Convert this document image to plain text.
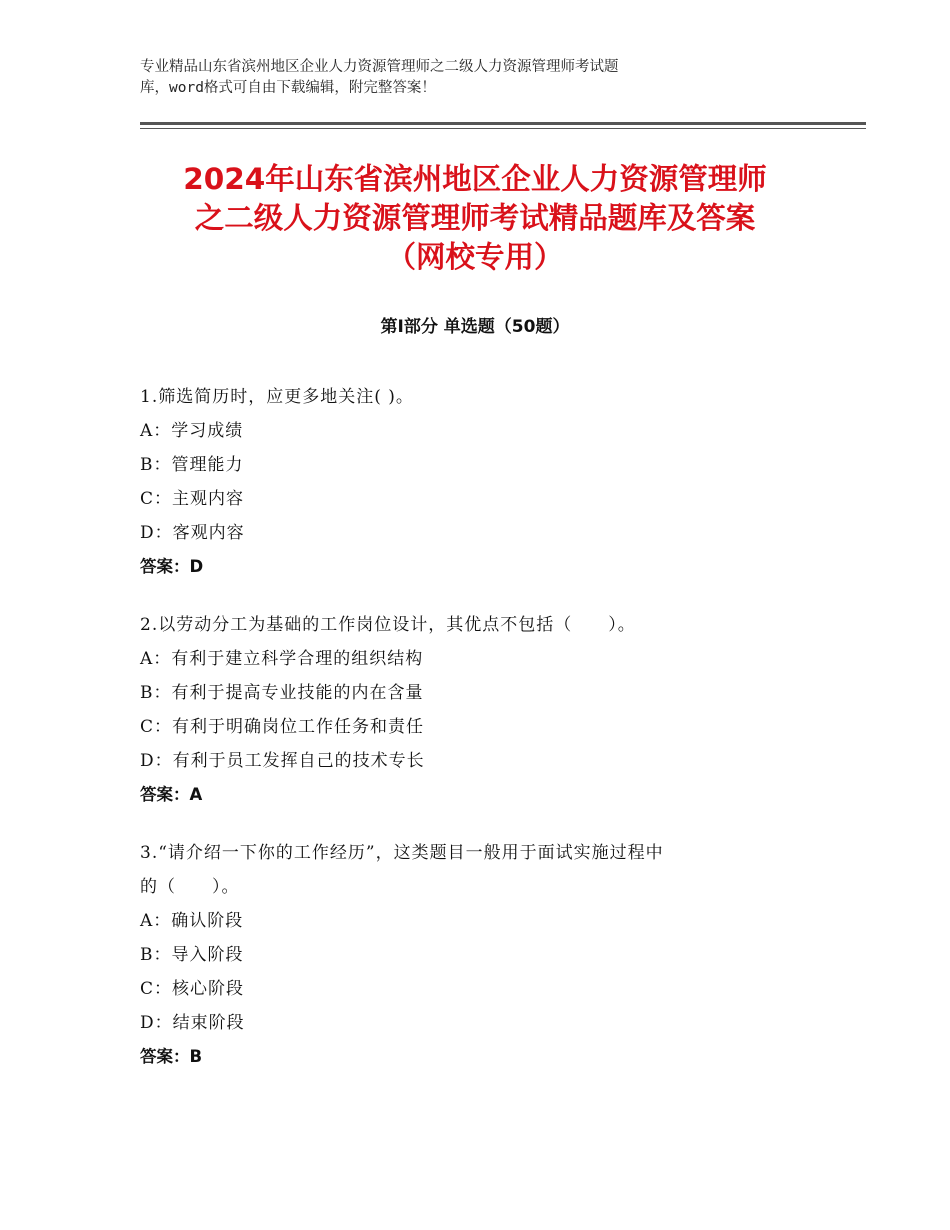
专业精品山东省滨州地区企业人力资源管理师之二级人力资源管理师考试题
库，word格式可自由下载编辑，附完整答案！
2024年山东省滨州地区企业人力资源管理师
之二级人力资源管理师考试精品题库及答案
（网校专用）
第Ⅰ部分 单选题（50题）
1.筛选简历时，应更多地关注( )。
A：学习成绩
B：管理能力
C：主观内容
D：客观内容
答案：D
2.以劳动分工为基础的工作岗位设计，其优点不包括（　　）。
A：有利于建立科学合理的组织结构
B：有利于提高专业技能的内在含量
C：有利于明确岗位工作任务和责任
D：有利于员工发挥自己的技术专长
答案：A
3.“请介绍一下你的工作经历”，这类题目一般用于面试实施过程中
的（　　）。
A：确认阶段
B：导入阶段
C：核心阶段
D：结束阶段
答案：B
